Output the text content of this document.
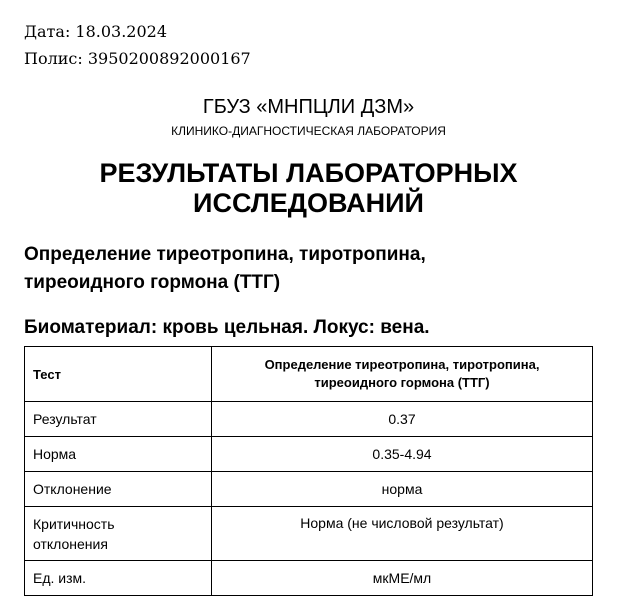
Дата: 18.03.2024
Полис: 3950200892000167
ГБУЗ «МНПЦЛИ ДЗМ»
КЛИНИКО-ДИАГНОСТИЧЕСКАЯ ЛАБОРАТОРИЯ
РЕЗУЛЬТАТЫ ЛАБОРАТОРНЫХ
ИССЛЕДОВАНИЙ
Определение тиреотропина, тиротропина,
тиреоидного гормона (ТТГ)
Биоматериал: кровь цельная. Локус: вена.
Тест	Определение тиреотропина, тиротропина,
тиреоидного гормона (ТТГ)

Результат	0.37
Норма	0.35-4.94
Отклонение	норма

Критичность
отклонения	Норма (не числовой результат)
Ед. изм.	мкМЕ/мл
